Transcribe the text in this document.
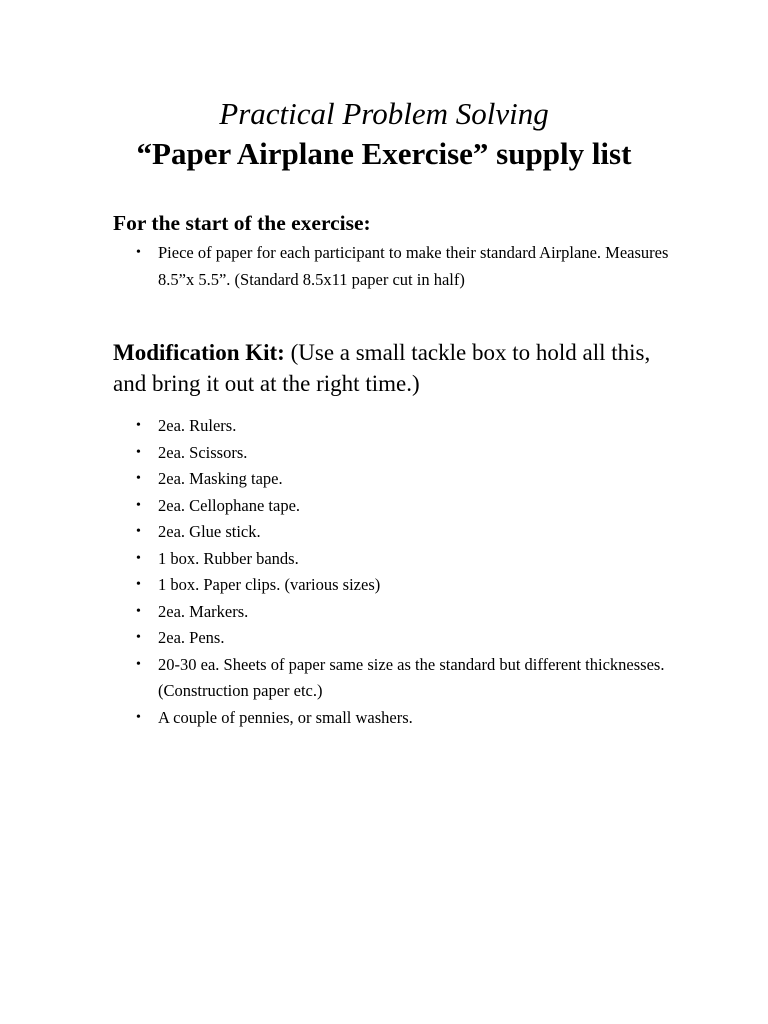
Practical Problem Solving
“Paper Airplane Exercise” supply list
For the start of the exercise:
• Piece of paper for each participant to make their standard Airplane. Measures 8.5”x 5.5”. (Standard 8.5x11 paper cut in half)
Modification Kit: (Use a small tackle box to hold all this, and bring it out at the right time.)
• 2ea. Rulers.
• 2ea. Scissors.
• 2ea. Masking tape.
• 2ea. Cellophane tape.
• 2ea. Glue stick.
• 1 box. Rubber bands.
• 1 box. Paper clips. (various sizes)
• 2ea. Markers.
• 2ea. Pens.
• 20-30 ea. Sheets of paper same size as the standard but different thicknesses. (Construction paper etc.)
• A couple of pennies, or small washers.
